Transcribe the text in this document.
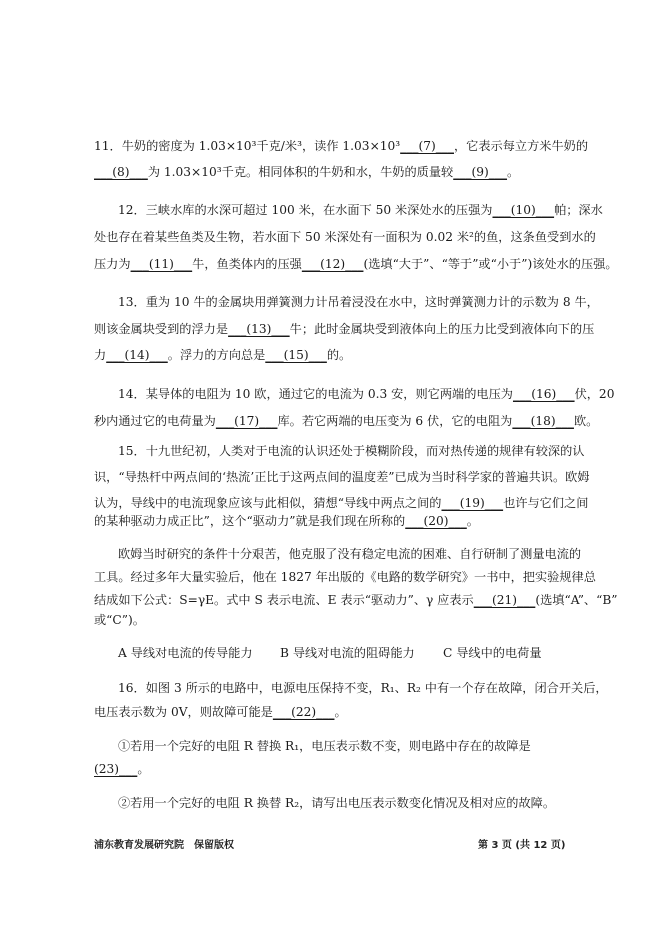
11．牛奶的密度为 1.03×10³千克/米³，读作 1.03×10³___(7)___，它表示每立方米牛奶的
___(8)___为 1.03×10³千克。相同体积的牛奶和水，牛奶的质量较___(9)___。
12．三峡水库的水深可超过 100 米，在水面下 50 米深处水的压强为___(10)___帕；深水
处也存在着某些鱼类及生物，若水面下 50 米深处有一面积为 0.02 米²的鱼，这条鱼受到水的
压力为___(11)___牛，鱼类体内的压强___(12)___(选填“大于”、“等于”或“小于”)该处水的压强。
13．重为 10 牛的金属块用弹簧测力计吊着浸没在水中，这时弹簧测力计的示数为 8 牛，
则该金属块受到的浮力是___(13)___牛；此时金属块受到液体向上的压力比受到液体向下的压
力___(14)___。浮力的方向总是___(15)___的。
14．某导体的电阻为 10 欧，通过它的电流为 0.3 安，则它两端的电压为___(16)___伏，20
秒内通过它的电荷量为___(17)___库。若它两端的电压变为 6 伏，它的电阻为___(18)___欧。
15．十九世纪初，人类对于电流的认识还处于模糊阶段，而对热传递的规律有较深的认
识，“导热杆中两点间的‘热流’正比于这两点间的温度差”已成为当时科学家的普遍共识。欧姆
认为，导线中的电流现象应该与此相似，猜想“导线中两点之间的___(19)___也许与它们之间
的某种驱动力成正比”，这个“驱动力”就是我们现在所称的___(20)___。
欧姆当时研究的条件十分艰苦，他克服了没有稳定电流的困难、自行研制了测量电流的
工具。经过多年大量实验后，他在 1827 年出版的《电路的数学研究》一书中，把实验规律总
结成如下公式：S=γE。式中 S 表示电流、E 表示“驱动力”、γ 应表示___(21)___(选填“A”、“B”
或“C”)。
A 导线对电流的传导能力 B 导线对电流的阻碍能力 C 导线中的电荷量
16．如图 3 所示的电路中，电源电压保持不变，R₁、R₂ 中有一个存在故障，闭合开关后，
电压表示数为 0V，则故障可能是___(22)___。
①若用一个完好的电阻 R 替换 R₁，电压表示数不变，则电路中存在的故障是
(23)___。
②若用一个完好的电阻 R 换替 R₂，请写出电压表示数变化情况及相对应的故障。
浦东教育发展研究院　保留版权	第 3 页 (共 12 页)
